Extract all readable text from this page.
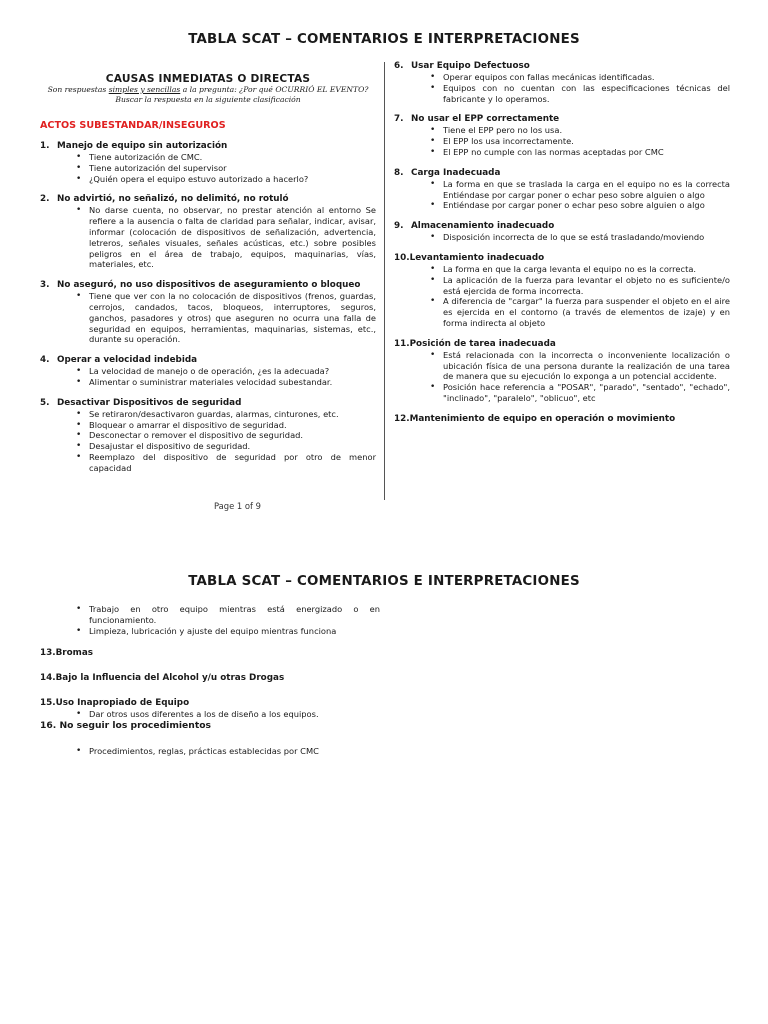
TABLA SCAT – COMENTARIOS E INTERPRETACIONES
CAUSAS INMEDIATAS O DIRECTAS
Son respuestas simples y sencillas a la pregunta: ¿Por qué OCURRIÓ EL EVENTO?
Buscar la respuesta en la siguiente clasificación
ACTOS SUBESTANDAR/INSEGUROS
1. Manejo de equipo sin autorización
• Tiene autorización de CMC.
• Tiene autorización del supervisor
• ¿Quién opera el equipo estuvo autorizado a hacerlo?
2. No advirtió, no señalizó, no delimitó, no rotuló
• No darse cuenta, no observar, no prestar atención al entorno Se refiere a la ausencia o falta de claridad para señalar, indicar, avisar, informar (colocación de dispositivos de señalización, advertencia, letreros, señales visuales, señales acústicas, etc.) sobre posibles peligros en el área de trabajo, equipos, maquinarias, vías, materiales, etc.
3. No aseguró, no uso dispositivos de aseguramiento o bloqueo
• Tiene que ver con la no colocación de dispositivos (frenos, guardas, cerrojos, candados, tacos, bloqueos, interruptores, seguros, ganchos, pasadores y otros) que aseguren no ocurra una falla de seguridad en equipos, herramientas, maquinarias, sistemas, etc., durante su operación.
4. Operar a velocidad indebida
• La velocidad de manejo o de operación, ¿es la adecuada?
• Alimentar o suministrar materiales velocidad subestandar.
5. Desactivar Dispositivos de seguridad
• Se retiraron/desactivaron guardas, alarmas, cinturones, etc.
• Bloquear o amarrar el dispositivo de seguridad.
• Desconectar o remover el dispositivo de seguridad.
• Desajustar el dispositivo de seguridad.
• Reemplazo del dispositivo de seguridad por otro de menor capacidad
6. Usar Equipo Defectuoso
• Operar equipos con fallas mecánicas identificadas.
• Equipos con no cuentan con las especificaciones técnicas del fabricante y lo operamos.
7. No usar el EPP correctamente
• Tiene el EPP pero no los usa.
• El EPP los usa incorrectamente.
• El EPP no cumple con las normas aceptadas por CMC
8. Carga Inadecuada
• La forma en que se traslada la carga en el equipo no es la correcta Entiéndase por cargar poner o echar peso sobre alguien o algo
• Entiéndase por cargar poner o echar peso sobre alguien o algo
9. Almacenamiento inadecuado
• Disposición incorrecta de lo que se está trasladando/moviendo
10. Levantamiento inadecuado
• La forma en que la carga levanta el equipo no es la correcta.
• La aplicación de la fuerza para levantar el objeto no es suficiente/o está ejercida de forma incorrecta.
• A diferencia de "cargar" la fuerza para suspender el objeto en el aire es ejercida en el contorno (a través de elementos de izaje) y en forma indirecta al objeto
11. Posición de tarea inadecuada
• Está relacionada con la incorrecta o inconveniente localización o ubicación física de una persona durante la realización de una tarea de manera que su ejecución lo exponga a un potencial accidente.
• Posición hace referencia a "POSAR", "parado", "sentado", "echado", "inclinado", "paralelo", "oblicuo", etc
12. Mantenimiento de equipo en operación o movimiento
Page 1 of 9
TABLA SCAT – COMENTARIOS E INTERPRETACIONES
• Trabajo en otro equipo mientras está energizado o en funcionamiento.
• Limpieza, lubricación y ajuste del equipo mientras funciona
13.Bromas
14.Bajo la Influencia del Alcohol y/u otras Drogas
15.Uso Inapropiado de Equipo
• Dar otros usos diferentes a los de diseño a los equipos.
16. No seguir los procedimientos
• Procedimientos, reglas, prácticas establecidas por CMC
